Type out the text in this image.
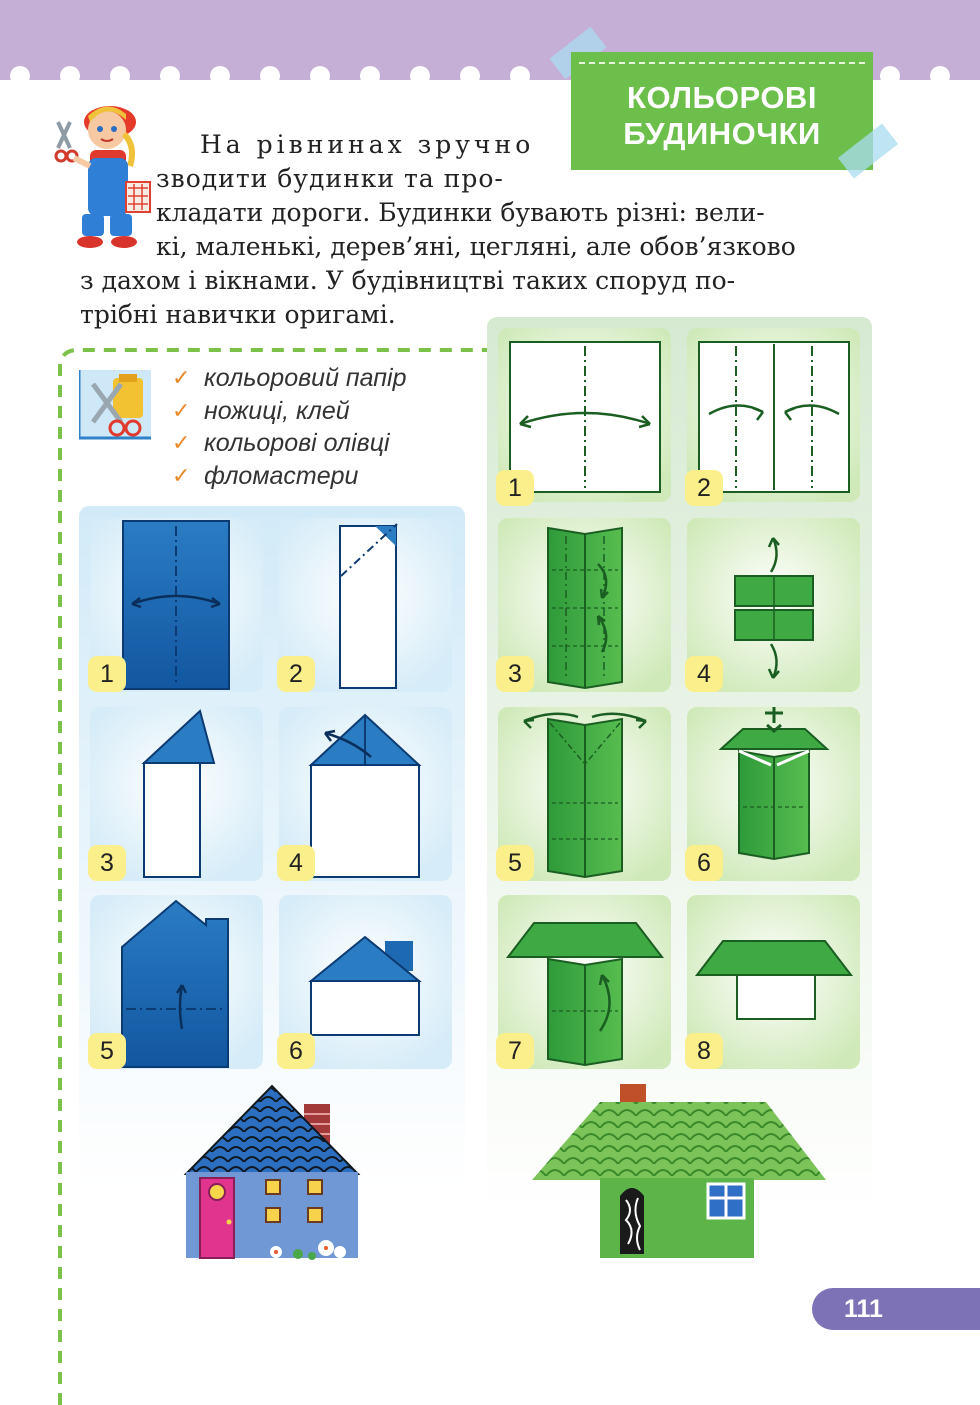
КОЛЬОРОВІ
БУДИНОЧКИ
На рівнинах зручно
зводити будинки та про-
кладати дороги. Будинки бувають різні: вели-
кі, маленькі, дерев’яні, цегляні, але обов’язково
з дахом і вікнами. У будівництві таких споруд по-
трібні навички оригамі.
✓ кольоровий папір
✓ ножиці, клей
✓ кольорові олівці
✓ фломастери
1	2
3	4
5	6
1	2
3	4
5	6
7	8
111
